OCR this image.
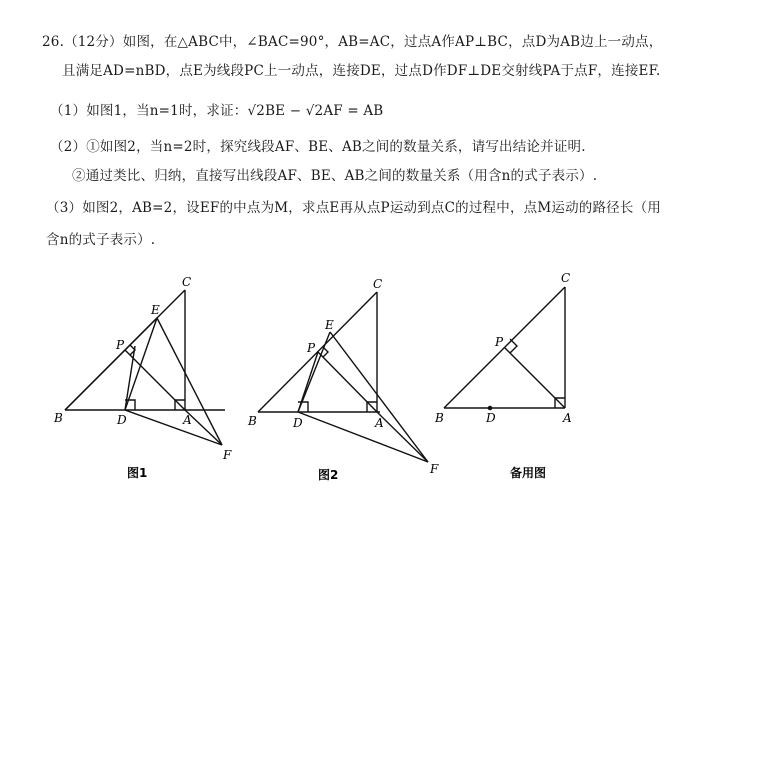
26.（12分）如图，在△ABC中，∠BAC=90°，AB=AC，过点A作AP⊥BC，点D为AB边上一动点，
且满足AD=nBD，点E为线段PC上一动点，连接DE，过点D作DF⊥DE交射线PA于点F，连接EF.
（1）如图1，当n=1时，求证：√2BE − √2AF = AB
（2）①如图2，当n=2时，探究线段AF、BE、AB之间的数量关系，请写出结论并证明.
②通过类比、归纳，直接写出线段AF、BE、AB之间的数量关系（用含n的式子表示）.
（3）如图2，AB=2，设EF的中点为M，求点E再从点P运动到点C的过程中，点M运动的路径长（用
含n的式子表示）.
C
E
P
B	D	A
F
图1
C
E
P
B	D	A
F
图2
C
P
B	D	A
备用图
